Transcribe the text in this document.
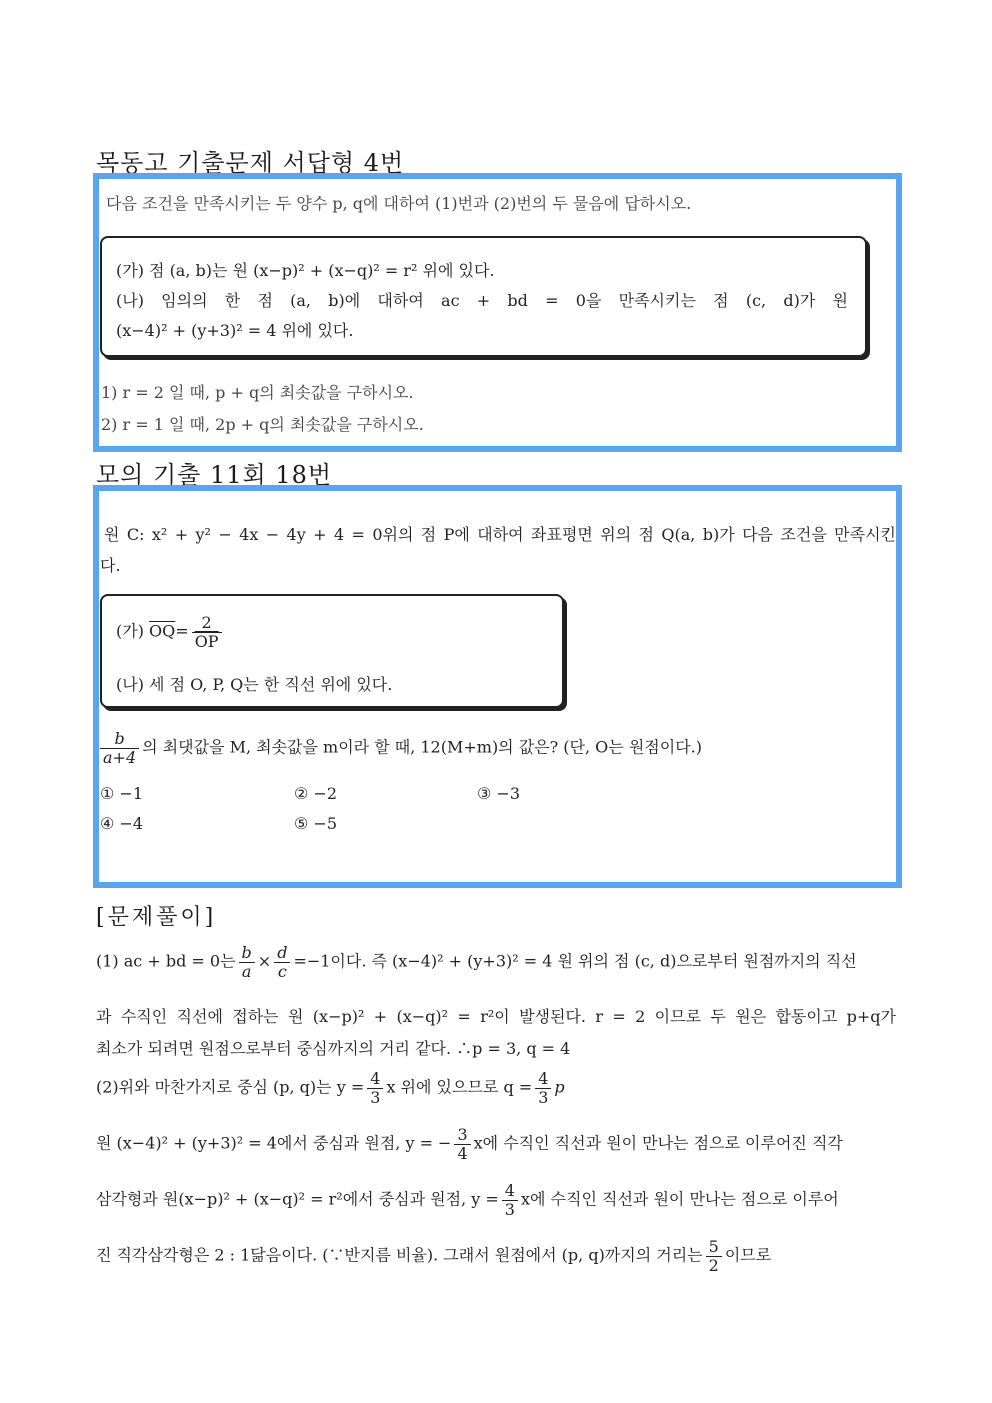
목동고 기출문제 서답형 4번
다음 조건을 만족시키는 두 양수 p, q에 대하여 (1)번과 (2)번의 두 물음에 답하시오.
(가) 점 (a, b)는 원 (x−p)² + (x−q)² = r² 위에 있다.
(나) 임의의 한 점 (a, b)에 대하여 ac + bd = 0을 만족시키는 점 (c, d)가 원
(x−4)² + (y+3)² = 4 위에 있다.
1) r = 2 일 때, p + q의 최솟값을 구하시오.
2) r = 1 일 때, 2p + q의 최솟값을 구하시오.
모의 기출 11회 18번
원 C: x² + y² − 4x − 4y + 4 = 0위의 점 P에 대하여 좌표평면 위의 점 Q(a, b)가 다음 조건을 만족시킨
다.
(가) $\overline{OQ}= \frac{2}{OP}$
(나) 세 점 O, P, Q는 한 직선 위에 있다.
$\frac{b}{a+4}$ 의 최댓값을 M, 최솟값을 m이라 할 때, 12(M+m)의 값은? (단, O는 원점이다.)
① −1	② −2	③ −3
④ −4	⑤ −5
[문제풀이]
(1) ac + bd = 0는 $\frac{b}{a} \times \frac{d}{c} =-1$이다. 즉 (x−4)² + (y+3)² = 4 원 위의 점 (c, d)으로부터 원점까지의 직선
과 수직인 직선에 접하는 원 (x−p)² + (x−q)² = r²이 발생된다. r = 2 이므로 두 원은 합동이고 p+q가
최소가 되려면 원점으로부터 중심까지의 거리 같다. ∴p = 3, q = 4
(2)위와 마찬가지로 중심 (p, q)는 $y = \frac{4}{3}$ x 위에 있으므로 $q = \frac{4}{3}$ p
원 (x−4)² + (y+3)² = 4에서 중심과 원점, y = − $\frac{3}{4}$ x에 수직인 직선과 원이 만나는 점으로 이루어진 직각
삼각형과 원(x−p)² + (x−q)² = r²에서 중심과 원점, $y = \frac{4}{3}$ x에 수직인 직선과 원이 만나는 점으로 이루어
진 직각삼각형은 2 : 1닮음이다. (∵반지름 비율). 그래서 원점에서 (p, q)까지의 거리는 $\frac{5}{2}$ 이므로
